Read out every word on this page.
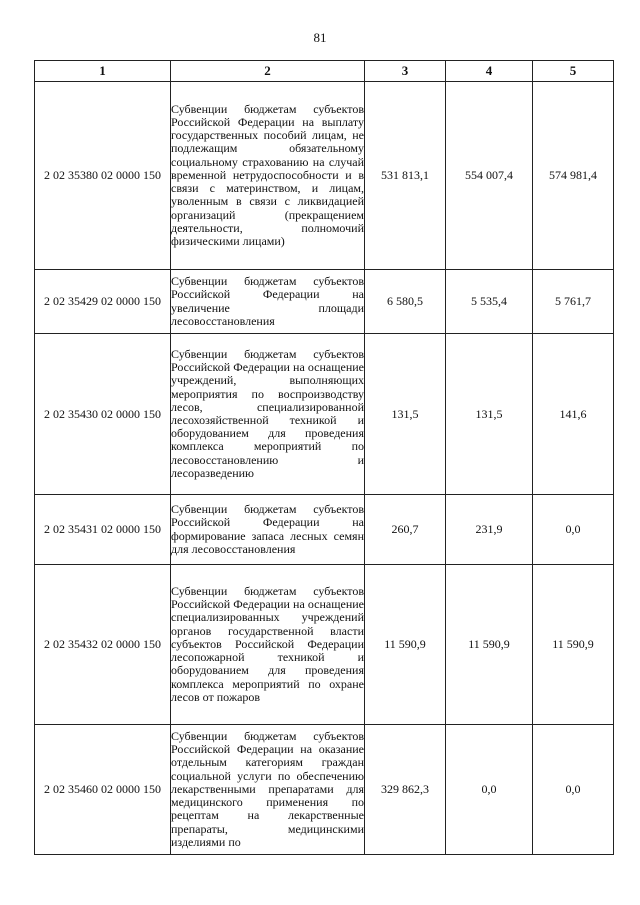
81
1	2	3	4	5
2 02 35380 02 0000 150	Субвенции бюджетам субъектов Российской Федерации на выплату государственных пособий лицам, не подлежащим обязательному социальному страхованию на случай временной нетрудоспособности и в связи с материнством, и лицам, уволенным в связи с ликвидацией организаций (прекращением деятельности, полномочий физическими лицами)	531 813,1	554 007,4	574 981,4
2 02 35429 02 0000 150	Субвенции бюджетам субъектов Российской Федерации на увеличение площади лесовосстановления	6 580,5	5 535,4	5 761,7
2 02 35430 02 0000 150	Субвенции бюджетам субъектов Российской Федерации на оснащение учреждений, выполняющих мероприятия по воспроизводству лесов, специализированной лесохозяйственной техникой и оборудованием для проведения комплекса мероприятий по лесовосстановлению и лесоразведению	131,5	131,5	141,6
2 02 35431 02 0000 150	Субвенции бюджетам субъектов Российской Федерации на формирование запаса лесных семян для лесовосстановления	260,7	231,9	0,0
2 02 35432 02 0000 150	Субвенции бюджетам субъектов Российской Федерации на оснащение специализированных учреждений органов государственной власти субъектов Российской Федерации лесопожарной техникой и оборудованием для проведения комплекса мероприятий по охране лесов от пожаров	11 590,9	11 590,9	11 590,9
2 02 35460 02 0000 150	Субвенции бюджетам субъектов Российской Федерации на оказание отдельным категориям граждан социальной услуги по обеспечению лекарственными препаратами для медицинского применения по рецептам на лекарственные препараты, медицинскими изделиями по	329 862,3	0,0	0,0
